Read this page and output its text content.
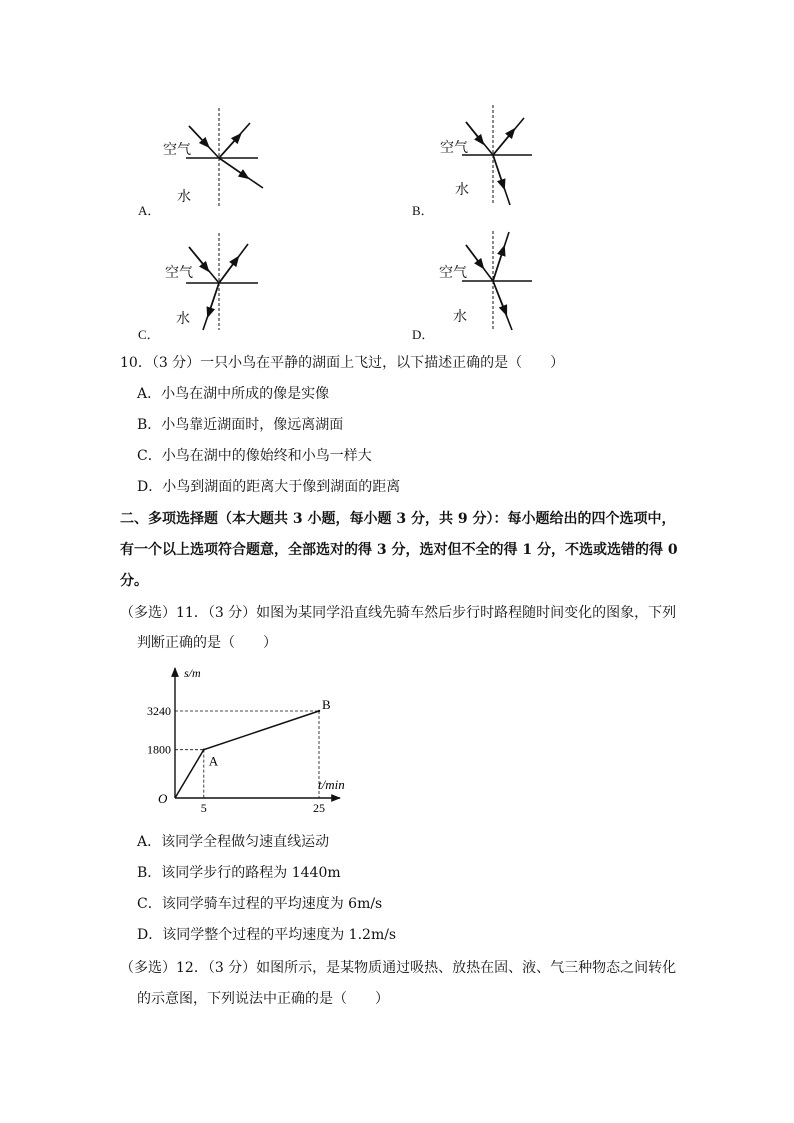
空气
水
A．
空气
水
B．
空气
水
C．
空气
水
D．
10．（3 分）一只小鸟在平静的湖面上飞过，以下描述正确的是（　　）
A．小鸟在湖中所成的像是实像
B．小鸟靠近湖面时，像远离湖面
C．小鸟在湖中的像始终和小鸟一样大
D．小鸟到湖面的距离大于像到湖面的距离
二、多项选择题（本大题共 3 小题，每小题 3 分，共 9 分）：每小题给出的四个选项中，
有一个以上选项符合题意，全部选对的得 3 分，选对但不全的得 1 分，不选或选错的得 0
分。
（多选）11．（3 分）如图为某同学沿直线先骑车然后步行时路程随时间变化的图象，下列
判断正确的是（　　）
s/m
t/min
O
1800
3240
5	25
A
B
A．该同学全程做匀速直线运动
B．该同学步行的路程为 1440m
C．该同学骑车过程的平均速度为 6m/s
D．该同学整个过程的平均速度为 1.2m/s
（多选）12．（3 分）如图所示，是某物质通过吸热、放热在固、液、气三种物态之间转化
的示意图，下列说法中正确的是（　　）
